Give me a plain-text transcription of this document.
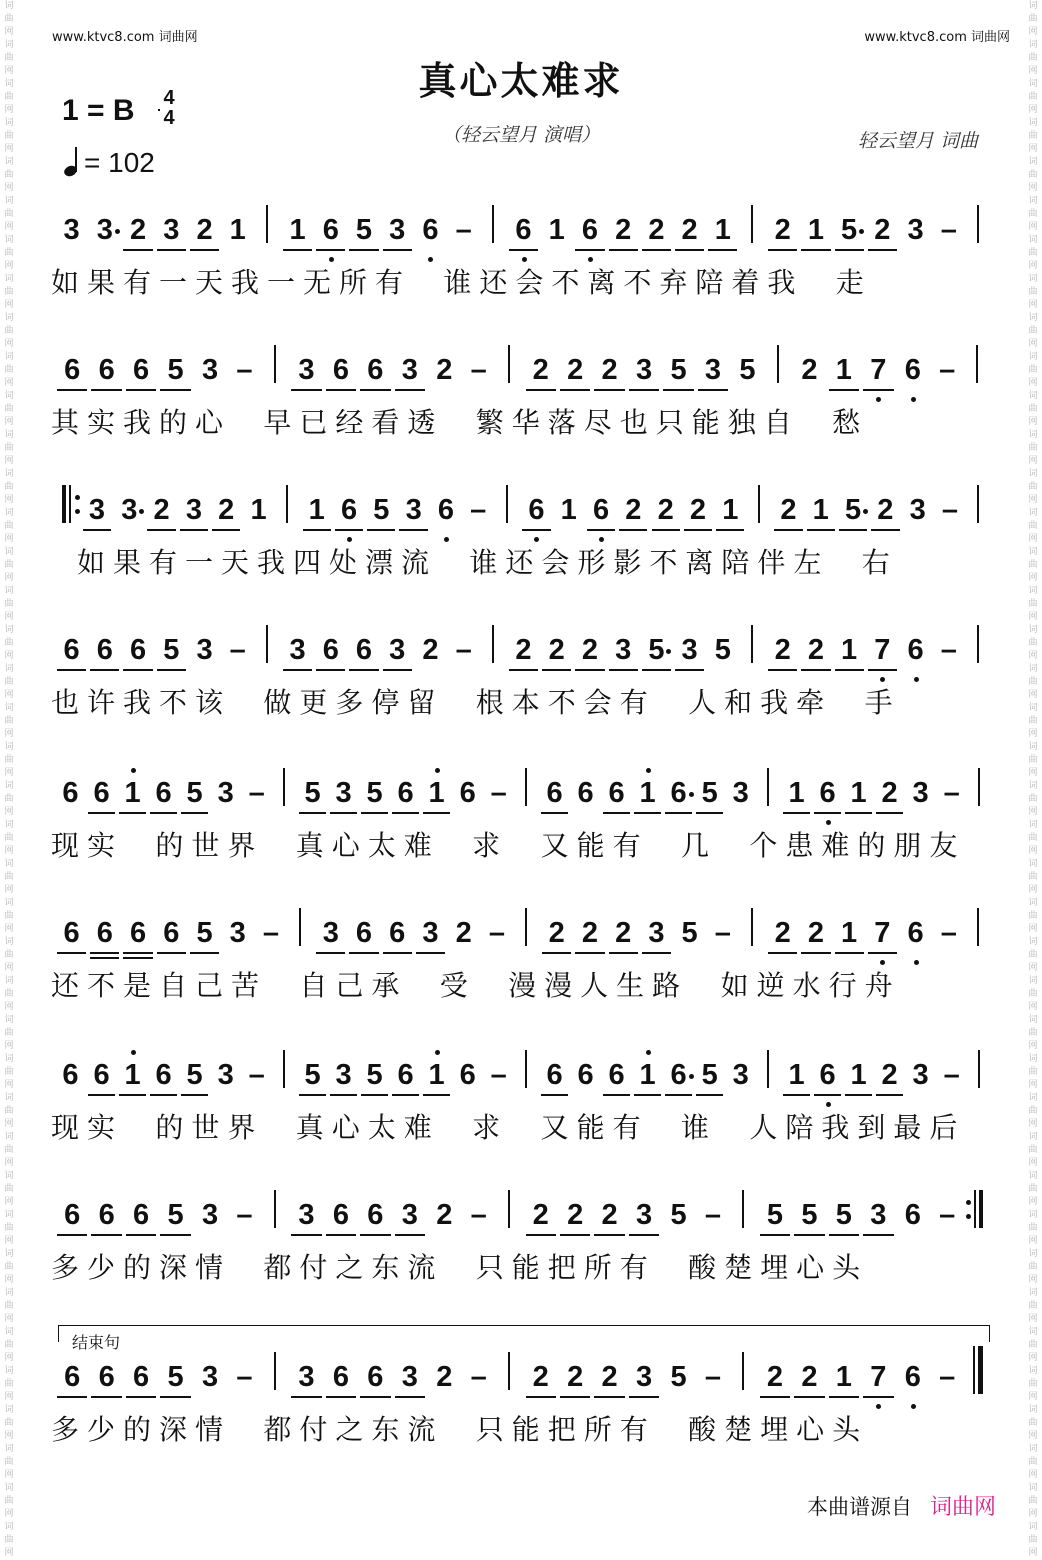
词曲网词曲网词曲网词曲网词曲网词曲网词曲网词曲网词曲网词曲网词曲网词曲网词曲网词曲网词曲网词曲网词曲网词曲网词曲网词曲网词曲网词曲网词曲网词曲网词曲网词曲网词曲网词曲网词曲网词曲网词曲网词曲网词曲网词曲网词曲网词曲网词曲网词曲网词曲网词曲网
词曲网词曲网词曲网词曲网词曲网词曲网词曲网词曲网词曲网词曲网词曲网词曲网词曲网词曲网词曲网词曲网词曲网词曲网词曲网词曲网词曲网词曲网词曲网词曲网词曲网词曲网词曲网词曲网词曲网词曲网词曲网词曲网词曲网词曲网词曲网词曲网词曲网词曲网词曲网词曲网
www.ktvc8.com 词曲网	www.ktvc8.com 词曲网
真心太难求
1 = B 4
4
= 102
（轻云望月 演唱）	轻云望月 词曲
3 3 2 3 2 1 1 6 5 3 6 – 6 1 6 2 2 2 1 2 1 5 2 3 –
如 果 有 一 天 我 一 无 所 有 谁 还 会 不 离 不 弃 陪 着 我 走
6 6 6 5 3 – 3 6 6 3 2 – 2 2 2 3 5 3 5 2 1 7 6 –
其 实 我 的 心 早 已 经 看 透 繁 华 落 尽 也 只 能 独 自 愁
3 3 2 3 2 1 1 6 5 3 6 – 6 1 6 2 2 2 1 2 1 5 2 3 –
如 果 有 一 天 我 四 处 漂 流 谁 还 会 形 影 不 离 陪 伴 左 右
6 6 6 5 3 – 3 6 6 3 2 – 2 2 2 3 5 3 5 2 2 1 7 6 –
也 许 我 不 该 做 更 多 停 留 根 本 不 会 有 人 和 我 牵 手
6 6 1 6 5 3 – 5 3 5 6 1 6 – 6 6 6 1 6 5 3 1 6 1 2 3 –
现 实 的 世 界 真 心 太 难 求 又 能 有 几 个 患 难 的 朋 友
6 6 6 6 5 3 – 3 6 6 3 2 – 2 2 2 3 5 – 2 2 1 7 6 –
还 不 是 自 己 苦 自 己 承 受 漫 漫 人 生 路 如 逆 水 行 舟
6 6 1 6 5 3 – 5 3 5 6 1 6 – 6 6 6 1 6 5 3 1 6 1 2 3 –
现 实 的 世 界 真 心 太 难 求 又 能 有 谁 人 陪 我 到 最 后
6 6 6 5 3 – 3 6 6 3 2 – 2 2 2 3 5 – 5 5 5 3 6 –
多 少 的 深 情 都 付 之 东 流 只 能 把 所 有 酸 楚 埋 心 头
6 6 6 5 3 – 3 6 6 3 2 – 2 2 2 3 5 – 2 2 1 7 6 –
多 少 的 深 情 都 付 之 东 流 只 能 把 所 有 酸 楚 埋 心 头
结束句
本曲谱源自 词曲网
